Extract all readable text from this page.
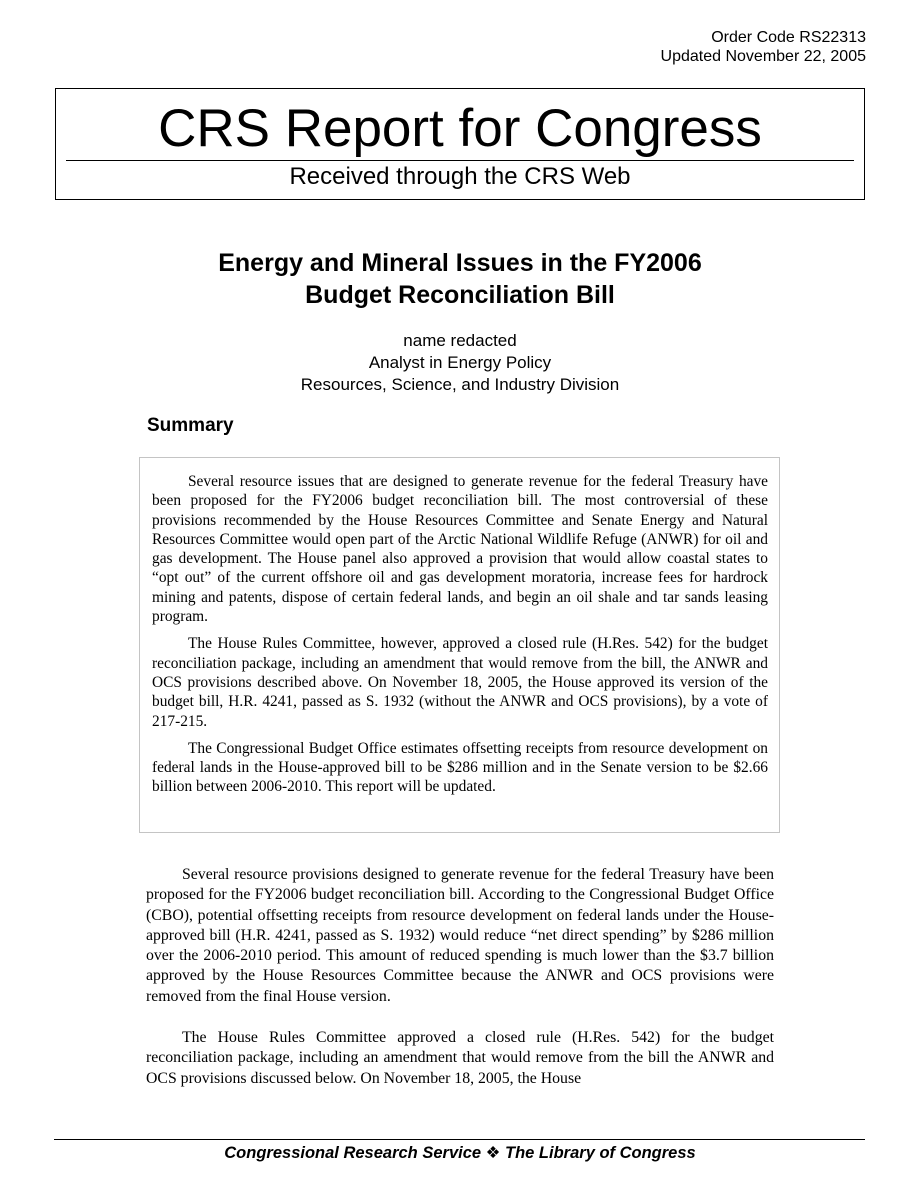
Order Code RS22313
Updated November 22, 2005
CRS Report for Congress
Received through the CRS Web
Energy and Mineral Issues in the FY2006
Budget Reconciliation Bill
name redacted
Analyst in Energy Policy
Resources, Science, and Industry Division
Summary

Several resource issues that are designed to generate revenue for the federal Treasury have been proposed for the FY2006 budget reconciliation bill. The most controversial of these provisions recommended by the House Resources Committee and Senate Energy and Natural Resources Committee would open part of the Arctic National Wildlife Refuge (ANWR) for oil and gas development. The House panel also approved a provision that would allow coastal states to “opt out” of the current offshore oil and gas development moratoria, increase fees for hardrock mining and patents, dispose of certain federal lands, and begin an oil shale and tar sands leasing program.

The House Rules Committee, however, approved a closed rule (H.Res. 542) for the budget reconciliation package, including an amendment that would remove from the bill, the ANWR and OCS provisions described above. On November 18, 2005, the House approved its version of the budget bill, H.R. 4241, passed as S. 1932 (without the ANWR and OCS provisions), by a vote of 217-215.

The Congressional Budget Office estimates offsetting receipts from resource development on federal lands in the House-approved bill to be $286 million and in the Senate version to be $2.66 billion between 2006-2010. This report will be updated.

Several resource provisions designed to generate revenue for the federal Treasury have been proposed for the FY2006 budget reconciliation bill. According to the Congressional Budget Office (CBO), potential offsetting receipts from resource development on federal lands under the House-approved bill (H.R. 4241, passed as S. 1932) would reduce “net direct spending” by $286 million over the 2006-2010 period. This amount of reduced spending is much lower than the $3.7 billion approved by the House Resources Committee because the ANWR and OCS provisions were removed from the final House version.

The House Rules Committee approved a closed rule (H.Res. 542) for the budget reconciliation package, including an amendment that would remove from the bill the ANWR and OCS provisions discussed below. On November 18, 2005, the House

Congressional Research Service ❖ The Library of Congress
